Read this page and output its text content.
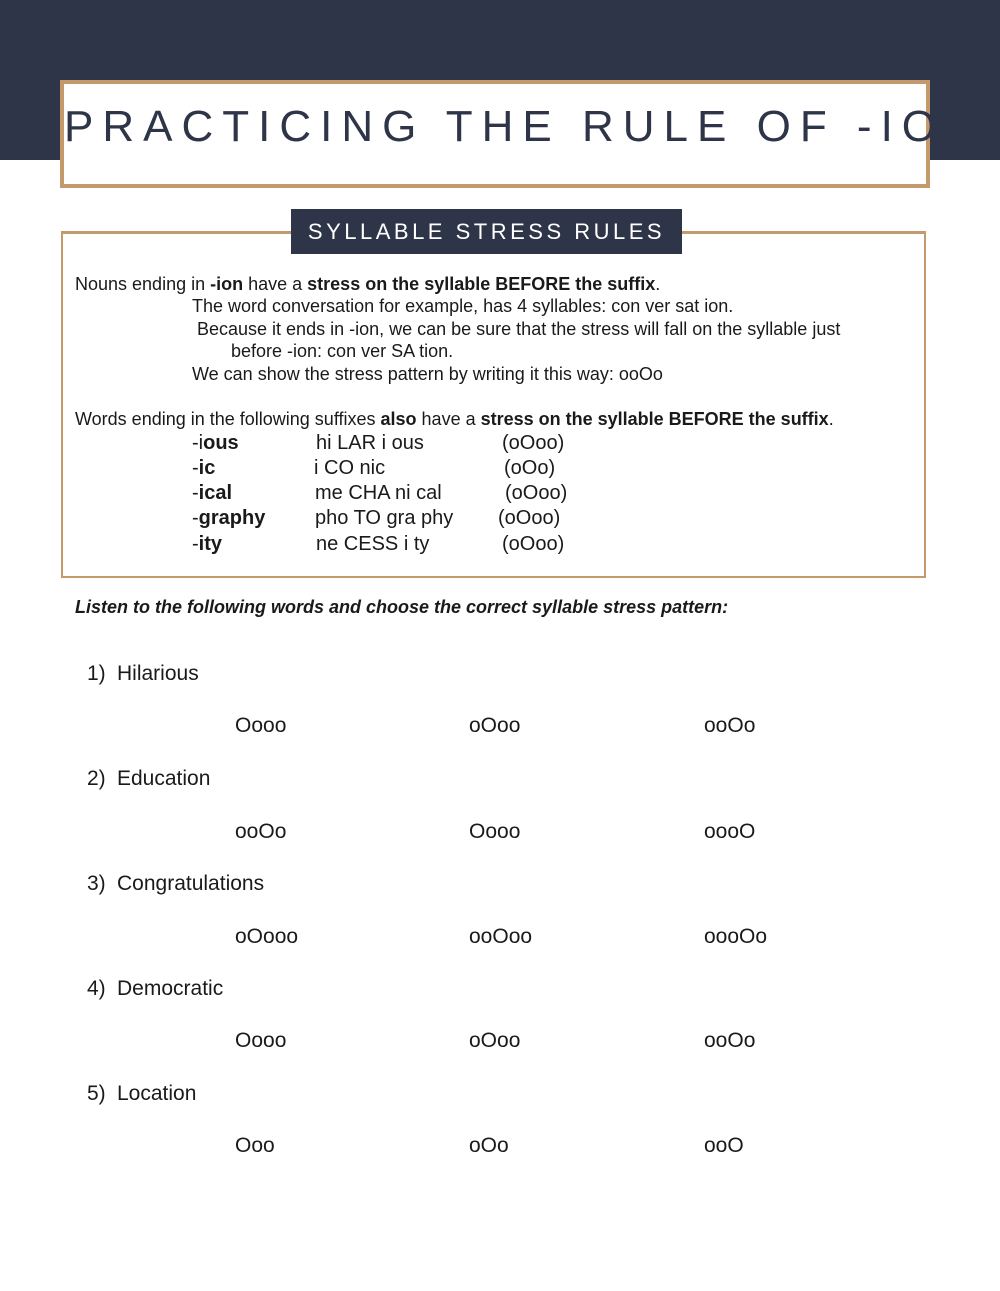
PRACTICING THE RULE OF -ION
SYLLABLE STRESS RULES
Nouns ending in -ion have a stress on the syllable BEFORE the suffix.
The word conversation for example, has 4 syllables: con ver sat ion.
Because it ends in -ion, we can be sure that the stress will fall on the syllable just
before -ion: con ver SA tion.
We can show the stress pattern by writing it this way: ooOo
Words ending in the following suffixes also have a stress on the syllable BEFORE the suffix.
-ious	hi LAR i ous	(oOoo)
-ic	i CO nic	(oOo)
-ical	me CHA ni cal	(oOoo)
-graphy pho TO gra phy (oOoo)
-ity	ne CESS i ty	(oOoo)
Listen to the following words and choose the correct syllable stress pattern:
1) Hilarious
Oooo	oOoo	ooOo
2) Education
ooOo	Oooo	oooO
3) Congratulations
oOooo	ooOoo	oooOo
4) Democratic
Oooo	oOoo	ooOo
5) Location
Ooo	oOo	ooO
